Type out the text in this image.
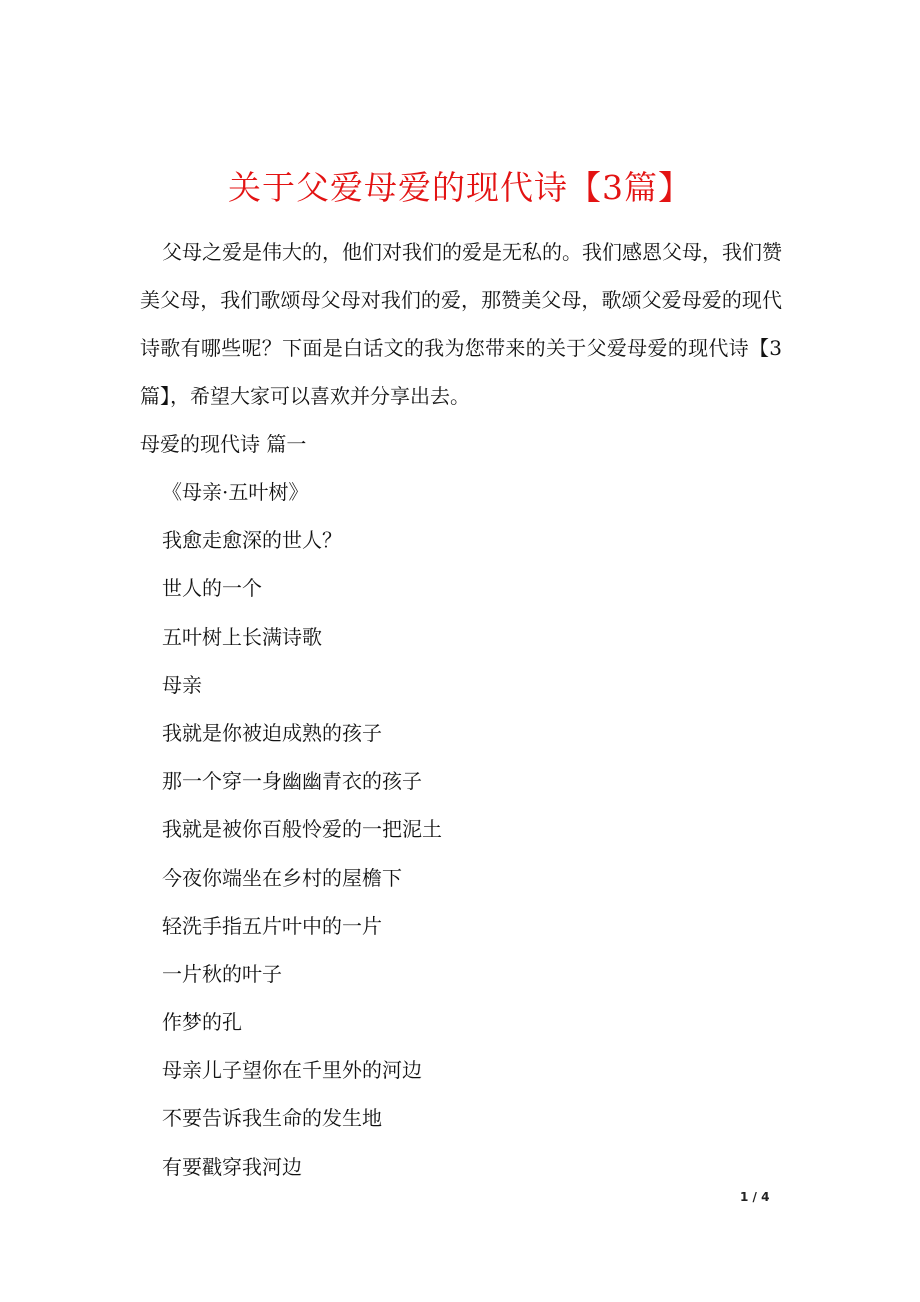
关于父爱母爱的现代诗【3篇】

父母之爱是伟大的，他们对我们的爱是无私的。我们感恩父母，我们赞美父母，我们歌颂母父母对我们的爱，那赞美父母，歌颂父爱母爱的现代诗歌有哪些呢？下面是白话文的我为您带来的关于父爱母爱的现代诗【3篇】，希望大家可以喜欢并分享出去。

母爱的现代诗 篇一
《母亲·五叶树》
我愈走愈深的世人？
世人的一个
五叶树上长满诗歌
母亲
我就是你被迫成熟的孩子
那一个穿一身幽幽青衣的孩子
我就是被你百般怜爱的一把泥土
今夜你端坐在乡村的屋檐下
轻洗手指五片叶中的一片
一片秋的叶子
作梦的孔
母亲儿子望你在千里外的河边
不要告诉我生命的发生地
有要戳穿我河边
1 / 4
